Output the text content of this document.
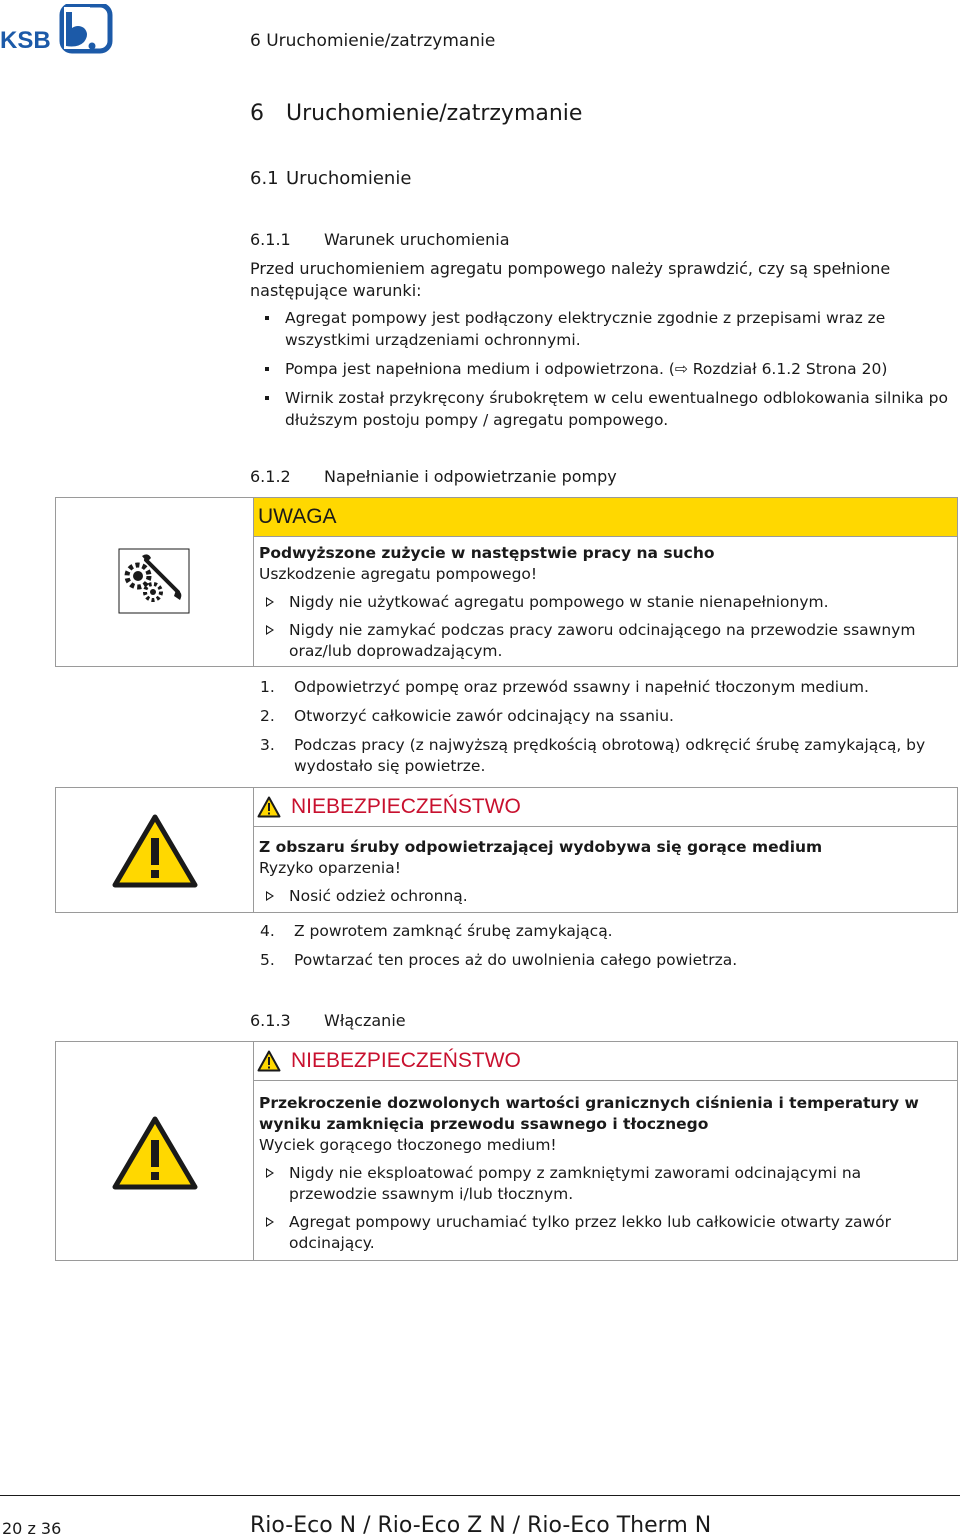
KSB	6 Uruchomienie/zatrzymanie
6 Uruchomienie/zatrzymanie
6.1 Uruchomienie
6.1.1 Warunek uruchomienia
Przed uruchomieniem agregatu pompowego należy sprawdzić, czy są spełnione następujące warunki:
Agregat pompowy jest podłączony elektrycznie zgodnie z przepisami wraz ze wszystkimi urządzeniami ochronnymi.
Pompa jest napełniona medium i odpowietrzona. (⇨ Rozdział 6.1.2 Strona 20)
Wirnik został przykręcony śrubokrętem w celu ewentualnego odblokowania silnika po dłuższym postoju pompy / agregatu pompowego.
6.1.2 Napełnianie i odpowietrzanie pompy
UWAGA
Podwyższone zużycie w następstwie pracy na sucho
Uszkodzenie agregatu pompowego!
Nigdy nie użytkować agregatu pompowego w stanie nienapełnionym.
Nigdy nie zamykać podczas pracy zaworu odcinającego na przewodzie ssawnym oraz/lub doprowadzającym.
1. Odpowietrzyć pompę oraz przewód ssawny i napełnić tłoczonym medium.
2. Otworzyć całkowicie zawór odcinający na ssaniu.
3. Podczas pracy (z najwyższą prędkością obrotową) odkręcić śrubę zamykającą, by wydostało się powietrze.
NIEBEZPIECZEŃSTWO
Z obszaru śruby odpowietrzającej wydobywa się gorące medium
Ryzyko oparzenia!
Nosić odzież ochronną.
4. Z powrotem zamknąć śrubę zamykającą.
5. Powtarzać ten proces aż do uwolnienia całego powietrza.
6.1.3 Włączanie
NIEBEZPIECZEŃSTWO
Przekroczenie dozwolonych wartości granicznych ciśnienia i temperatury w wyniku zamknięcia przewodu ssawnego i tłocznego
Wyciek gorącego tłoczonego medium!
Nigdy nie eksploatować pompy z zamkniętymi zaworami odcinającymi na przewodzie ssawnym i/lub tłocznym.
Agregat pompowy uruchamiać tylko przez lekko lub całkowicie otwarty zawór odcinający.
20 z 36	Rio-Eco N / Rio-Eco Z N / Rio-Eco Therm N
